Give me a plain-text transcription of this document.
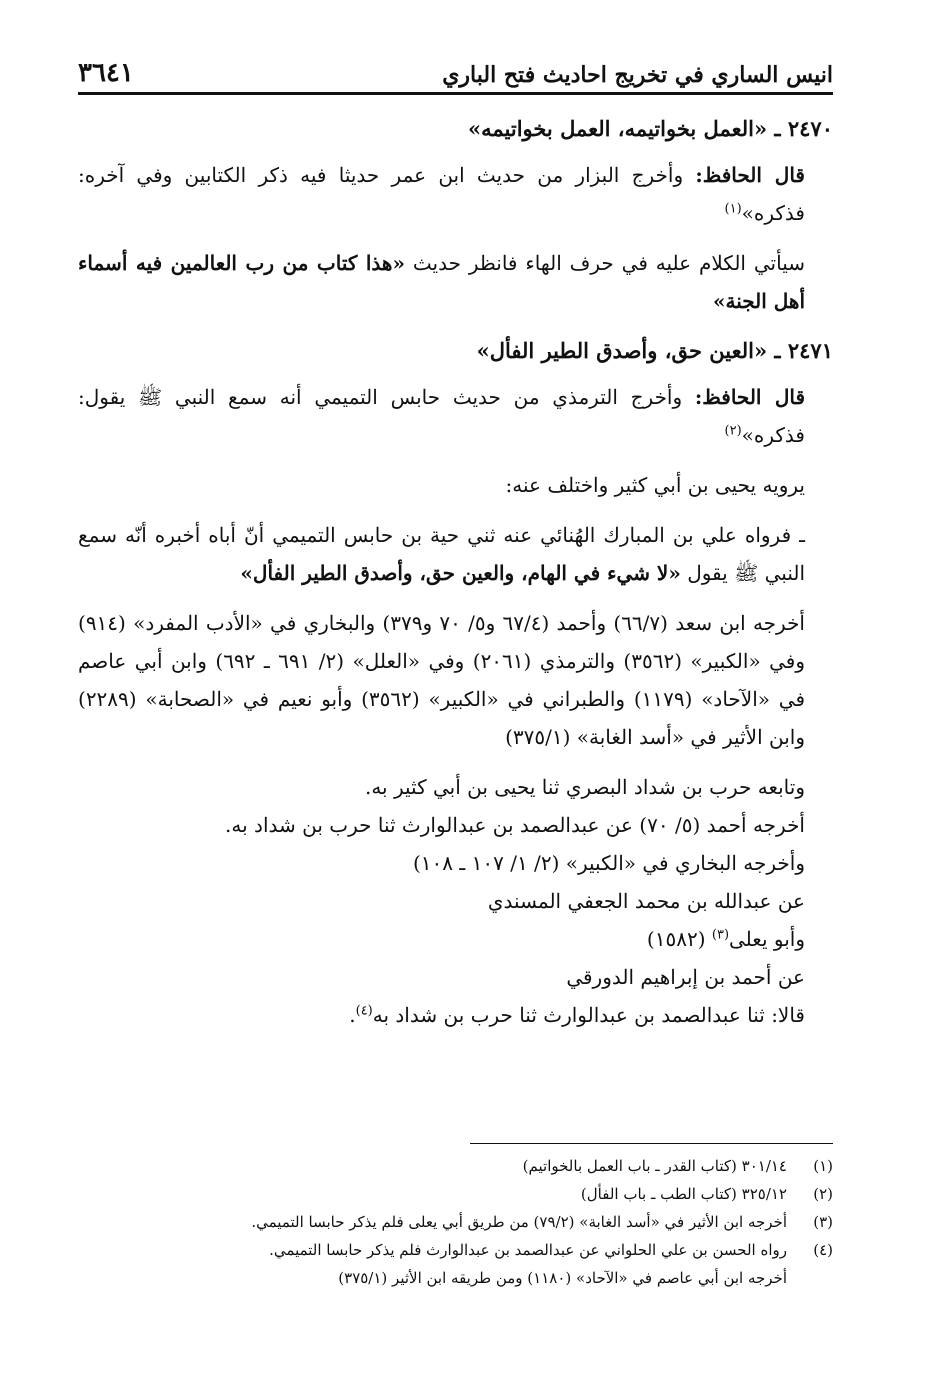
انيس الساري في تخريج احاديث فتح الباري
٣٦٤١
٢٤٧٠ ـ «العمل بخواتيمه، العمل بخواتيمه»

قال الحافظ: وأخرج البزار من حديث ابن عمر حديثا فيه ذكر الكتابين وفي آخره: فذكره»$^{(١)}$

سيأتي الكلام عليه في حرف الهاء فانظر حديث «هذا كتاب من رب العالمين فيه أسماء أهل الجنة»

٢٤٧١ ـ «العين حق، وأصدق الطير الفأل»

قال الحافظ: وأخرج الترمذي من حديث حابس التميمي أنه سمع النبي ﷺ يقول: فذكره»$^{(٢)}$

يرويه يحيى بن أبي كثير واختلف عنه:

ـ فرواه علي بن المبارك الهُنائي عنه ثني حية بن حابس التميمي أنّ أباه أخبره أنّه سمع النبي ﷺ يقول «لا شيء في الهام، والعين حق، وأصدق الطير الفأل»

أخرجه ابن سعد (٦٦/٧) وأحمد (٦٧/٤ و٥/ ٧٠ و٣٧٩) والبخاري في «الأدب المفرد» (٩١٤) وفي «الكبير» (٣٥٦٢) والترمذي (٢٠٦١) وفي «العلل» (٢/ ٦٩١ ـ ٦٩٢) وابن أبي عاصم في «الآحاد» (١١٧٩) والطبراني في «الكبير» (٣٥٦٢) وأبو نعيم في «الصحابة» (٢٢٨٩) وابن الأثير في «أسد الغابة» (٣٧٥/١)

وتابعه حرب بن شداد البصري ثنا يحيى بن أبي كثير به.
أخرجه أحمد (٥/ ٧٠) عن عبدالصمد بن عبدالوارث ثنا حرب بن شداد به.
وأخرجه البخاري في «الكبير» (٢/ ١/ ١٠٧ ـ ١٠٨)
عن عبدالله بن محمد الجعفي المسندي
وأبو يعلى$^{(٣)}$ (١٥٨٢)
عن أحمد بن إبراهيم الدورقي
قالا: ثنا عبدالصمد بن عبدالوارث ثنا حرب بن شداد به$^{(٤)}$.
(١)
٣٠١/١٤ (كتاب القدر ـ باب العمل بالخواتيم)
(٢)
٣٢٥/١٢ (كتاب الطب ـ باب الفأل)
(٣)
أخرجه ابن الأثير في «أسد الغابة» (٧٩/٢) من طريق أبي يعلى فلم يذكر حابسا التميمي.
(٤)
رواه الحسن بن علي الحلواني عن عبدالصمد بن عبدالوارث فلم يذكر حابسا التميمي.
أخرجه ابن أبي عاصم في «الآحاد» (١١٨٠) ومن طريقه ابن الأثير (٣٧٥/١)
